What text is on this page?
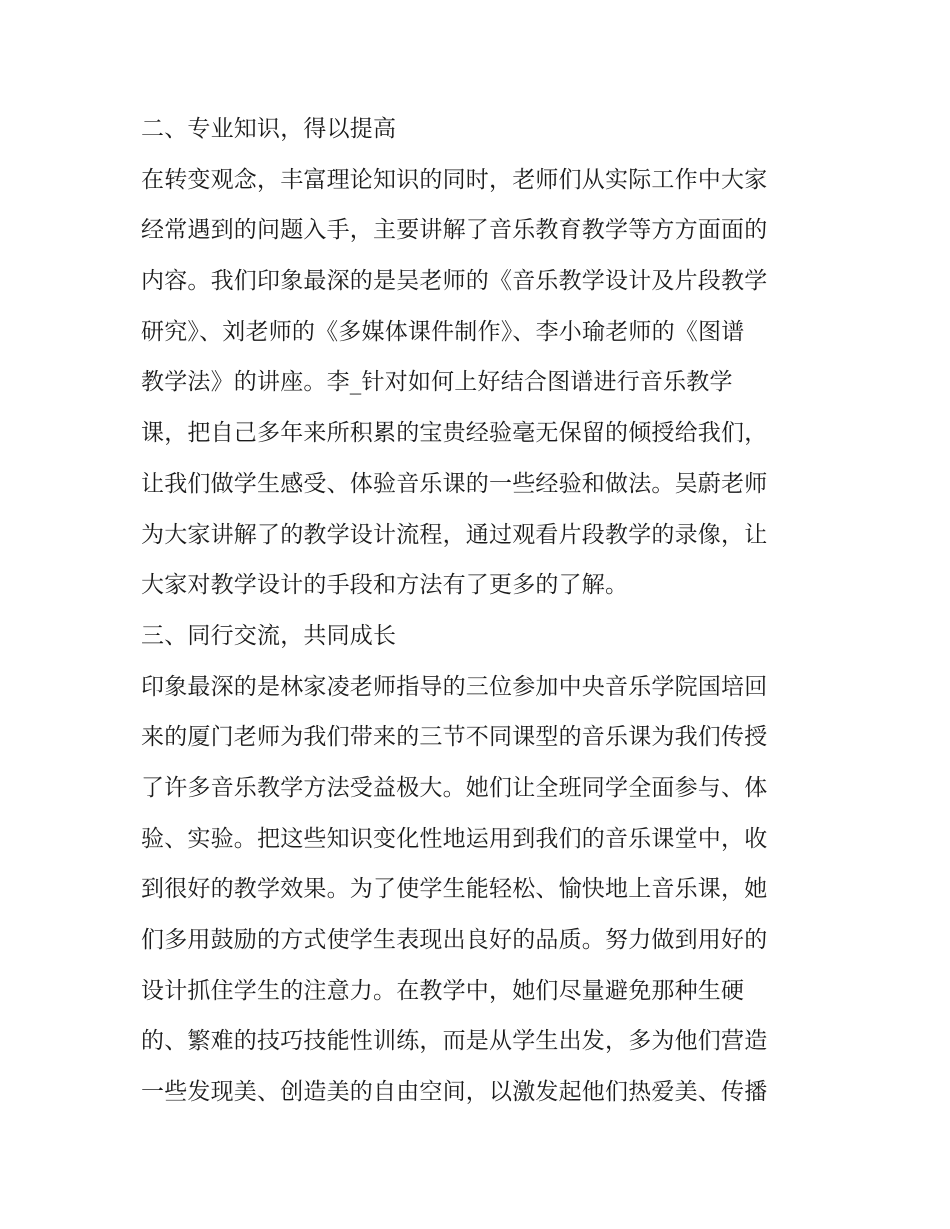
二、专业知识，得以提高
在转变观念，丰富理论知识的同时，老师们从实际工作中大家
经常遇到的问题入手，主要讲解了音乐教育教学等方方面面的
内容。我们印象最深的是吴老师的《音乐教学设计及片段教学
研究》、刘老师的《多媒体课件制作》、李小瑜老师的《图谱
教学法》的讲座。李_针对如何上好结合图谱进行音乐教学
课，把自己多年来所积累的宝贵经验毫无保留的倾授给我们，
让我们做学生感受、体验音乐课的一些经验和做法。吴蔚老师
为大家讲解了的教学设计流程，通过观看片段教学的录像，让
大家对教学设计的手段和方法有了更多的了解。
三、同行交流，共同成长
印象最深的是林家凌老师指导的三位参加中央音乐学院国培回
来的厦门老师为我们带来的三节不同课型的音乐课为我们传授
了许多音乐教学方法受益极大。她们让全班同学全面参与、体
验、实验。把这些知识变化性地运用到我们的音乐课堂中，收
到很好的教学效果。为了使学生能轻松、愉快地上音乐课，她
们多用鼓励的方式使学生表现出良好的品质。努力做到用好的
设计抓住学生的注意力。在教学中，她们尽量避免那种生硬
的、繁难的技巧技能性训练，而是从学生出发，多为他们营造
一些发现美、创造美的自由空间，以激发起他们热爱美、传播
